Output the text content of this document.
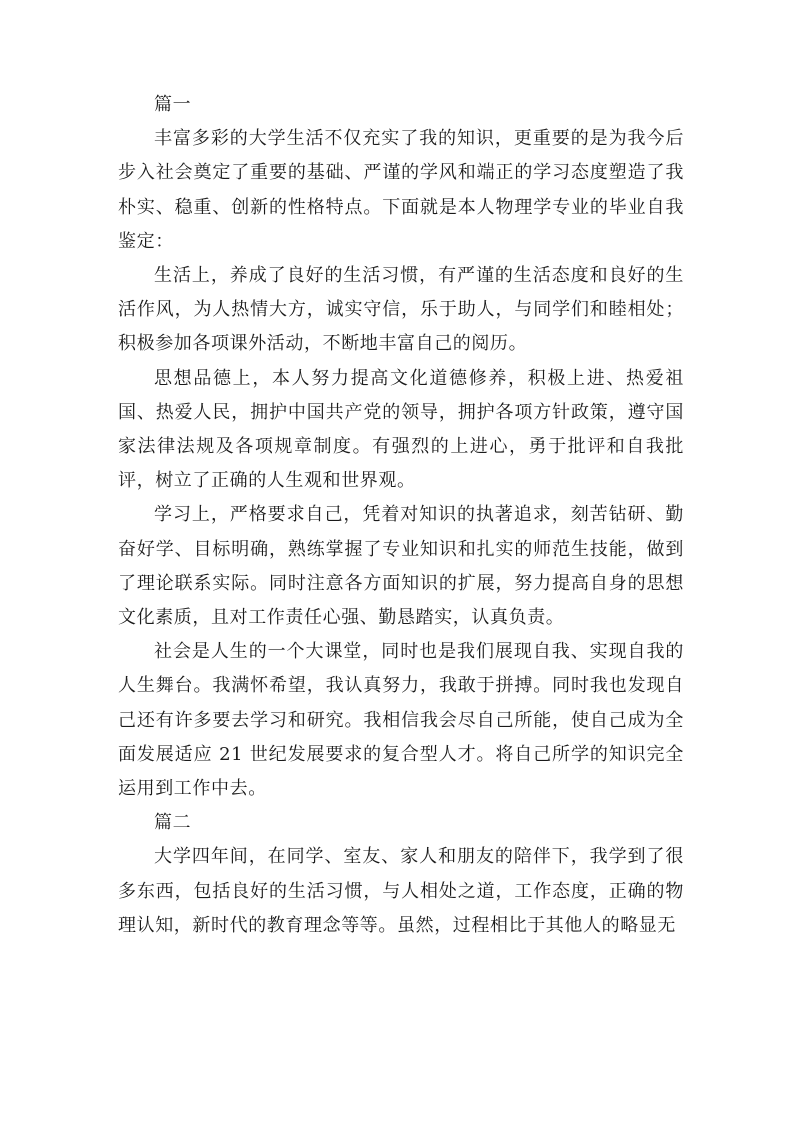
篇一

丰富多彩的大学生活不仅充实了我的知识，更重要的是为我今后步入社会奠定了重要的基础、严谨的学风和端正的学习态度塑造了我朴实、稳重、创新的性格特点。下面就是本人物理学专业的毕业自我鉴定：

生活上，养成了良好的生活习惯，有严谨的生活态度和良好的生活作风，为人热情大方，诚实守信，乐于助人，与同学们和睦相处；积极参加各项课外活动，不断地丰富自己的阅历。

思想品德上，本人努力提高文化道德修养，积极上进、热爱祖国、热爱人民，拥护中国共产党的领导，拥护各项方针政策，遵守国家法律法规及各项规章制度。有强烈的上进心，勇于批评和自我批评，树立了正确的人生观和世界观。

学习上，严格要求自己，凭着对知识的执著追求，刻苦钻研、勤奋好学、目标明确，熟练掌握了专业知识和扎实的师范生技能，做到了理论联系实际。同时注意各方面知识的扩展，努力提高自身的思想文化素质，且对工作责任心强、勤恳踏实，认真负责。

社会是人生的一个大课堂，同时也是我们展现自我、实现自我的人生舞台。我满怀希望，我认真努力，我敢于拼搏。同时我也发现自己还有许多要去学习和研究。我相信我会尽自己所能，使自己成为全面发展适应 21 世纪发展要求的复合型人才。将自己所学的知识完全运用到工作中去。

篇二

大学四年间，在同学、室友、家人和朋友的陪伴下，我学到了很多东西，包括良好的生活习惯，与人相处之道，工作态度，正确的物理认知，新时代的教育理念等等。虽然，过程相比于其他人的略显无
